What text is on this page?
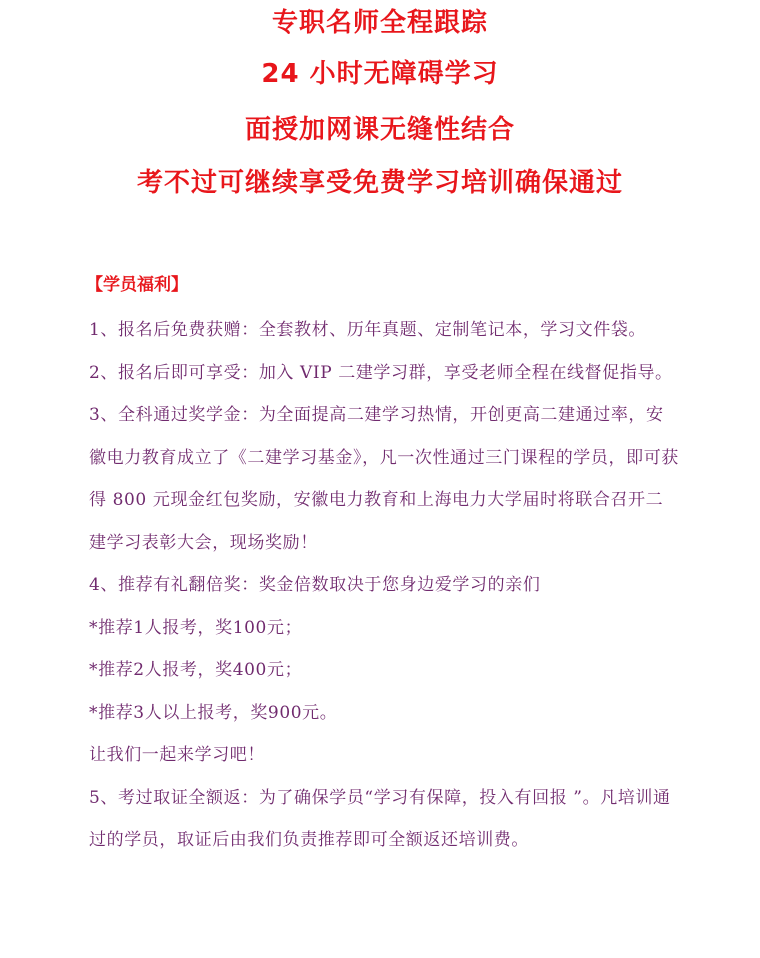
专职名师全程跟踪
24 小时无障碍学习
面授加网课无缝性结合
考不过可继续享受免费学习培训确保通过
【学员福利】

1、报名后免费获赠：全套教材、历年真题、定制笔记本，学习文件袋。

2、报名后即可享受：加入 VIP 二建学习群，享受老师全程在线督促指导。

3、全科通过奖学金：为全面提高二建学习热情，开创更高二建通过率，安徽电力教育成立了《二建学习基金》，凡一次性通过三门课程的学员，即可获得 800 元现金红包奖励，安徽电力教育和上海电力大学届时将联合召开二建学习表彰大会，现场奖励！

4、推荐有礼翻倍奖：奖金倍数取决于您身边爱学习的亲们

*推荐1人报考，奖100元；

*推荐2人报考，奖400元；

*推荐3人以上报考，奖900元。

让我们一起来学习吧！

5、考过取证全额返：为了确保学员“学习有保障，投入有回报 ”。凡培训通过的学员，取证后由我们负责推荐即可全额返还培训费。
